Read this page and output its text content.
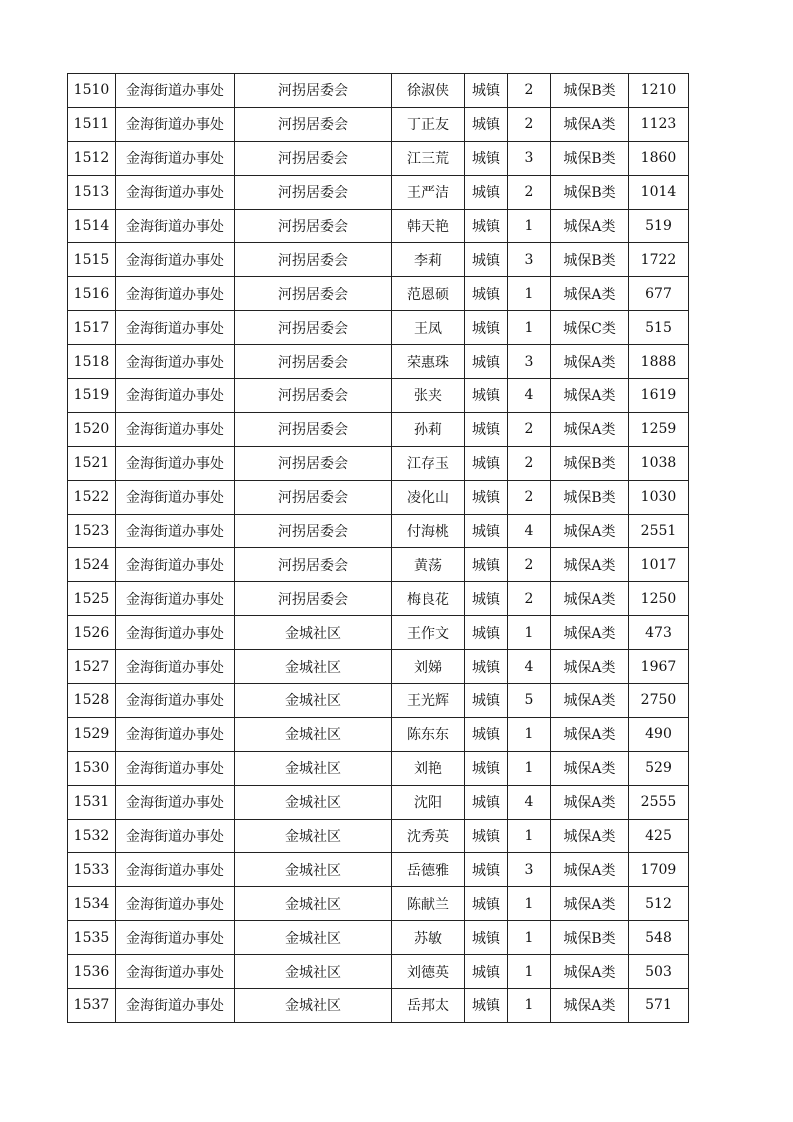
1510	金海街道办事处	河拐居委会	徐淑侠	城镇	2	城保B类	1210
1511	金海街道办事处	河拐居委会	丁正友	城镇	2	城保A类	1123
1512	金海街道办事处	河拐居委会	江三荒	城镇	3	城保B类	1860
1513	金海街道办事处	河拐居委会	王严洁	城镇	2	城保B类	1014
1514	金海街道办事处	河拐居委会	韩天艳	城镇	1	城保A类	519
1515	金海街道办事处	河拐居委会	李莉	城镇	3	城保B类	1722
1516	金海街道办事处	河拐居委会	范恩硕	城镇	1	城保A类	677
1517	金海街道办事处	河拐居委会	王凤	城镇	1	城保C类	515
1518	金海街道办事处	河拐居委会	荣惠珠	城镇	3	城保A类	1888
1519	金海街道办事处	河拐居委会	张夹	城镇	4	城保A类	1619
1520	金海街道办事处	河拐居委会	孙莉	城镇	2	城保A类	1259
1521	金海街道办事处	河拐居委会	江存玉	城镇	2	城保B类	1038
1522	金海街道办事处	河拐居委会	凌化山	城镇	2	城保B类	1030
1523	金海街道办事处	河拐居委会	付海桃	城镇	4	城保A类	2551
1524	金海街道办事处	河拐居委会	黄荡	城镇	2	城保A类	1017
1525	金海街道办事处	河拐居委会	梅良花	城镇	2	城保A类	1250
1526	金海街道办事处	金城社区	王作文	城镇	1	城保A类	473
1527	金海街道办事处	金城社区	刘娣	城镇	4	城保A类	1967
1528	金海街道办事处	金城社区	王光辉	城镇	5	城保A类	2750
1529	金海街道办事处	金城社区	陈东东	城镇	1	城保A类	490
1530	金海街道办事处	金城社区	刘艳	城镇	1	城保A类	529
1531	金海街道办事处	金城社区	沈阳	城镇	4	城保A类	2555
1532	金海街道办事处	金城社区	沈秀英	城镇	1	城保A类	425
1533	金海街道办事处	金城社区	岳德雅	城镇	3	城保A类	1709
1534	金海街道办事处	金城社区	陈献兰	城镇	1	城保A类	512
1535	金海街道办事处	金城社区	苏敏	城镇	1	城保B类	548
1536	金海街道办事处	金城社区	刘德英	城镇	1	城保A类	503
1537	金海街道办事处	金城社区	岳邦太	城镇	1	城保A类	571
